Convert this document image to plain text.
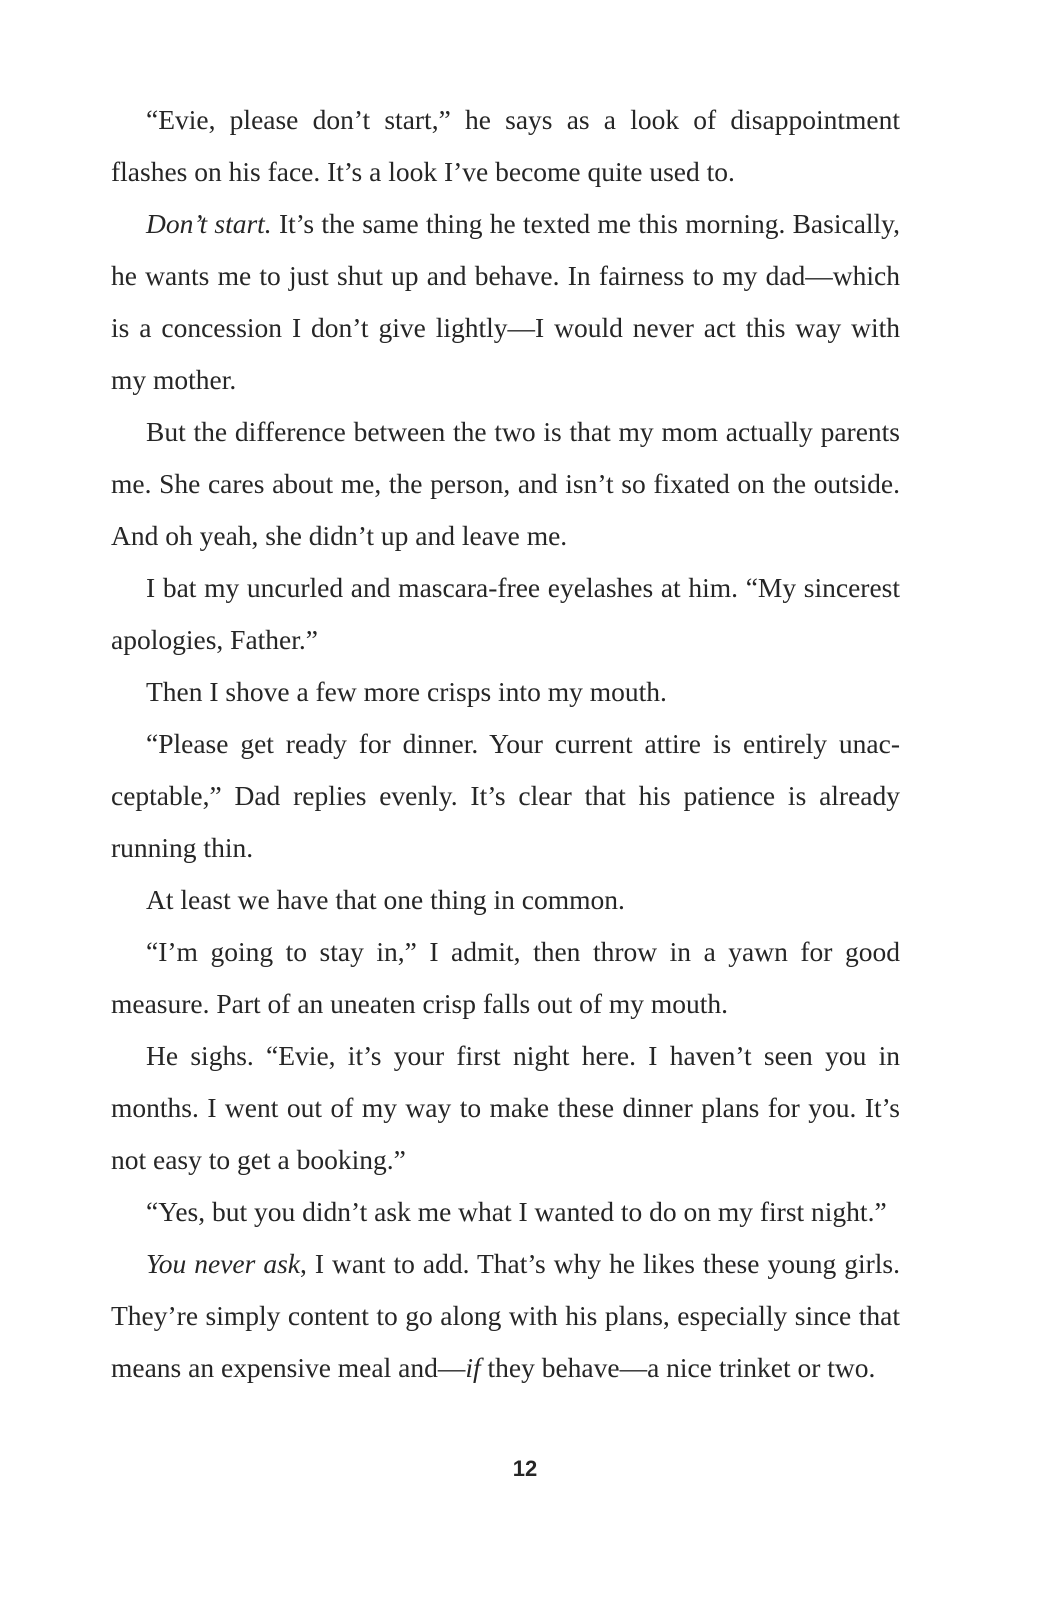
“Evie, please don’t start,” he says as a look of disappointment flashes on his face. It’s a look I’ve become quite used to.

Don’t start. It’s the same thing he texted me this morning. Basically, he wants me to just shut up and behave. In fairness to my dad—which is a concession I don’t give lightly—I would never act this way with my mother.

But the difference between the two is that my mom actually parents me. She cares about me, the person, and isn’t so fixated on the outside. And oh yeah, she didn’t up and leave me.

I bat my uncurled and mascara-free eyelashes at him. “My sincerest apologies, Father.”

Then I shove a few more crisps into my mouth.

“Please get ready for dinner. Your current attire is entirely unacceptable,” Dad replies evenly. It’s clear that his patience is already running thin.

At least we have that one thing in common.

“I’m going to stay in,” I admit, then throw in a yawn for good measure. Part of an uneaten crisp falls out of my mouth.

He sighs. “Evie, it’s your first night here. I haven’t seen you in months. I went out of my way to make these dinner plans for you. It’s not easy to get a booking.”

“Yes, but you didn’t ask me what I wanted to do on my first night.”

You never ask, I want to add. That’s why he likes these young girls. They’re simply content to go along with his plans, especially since that means an expensive meal and—if they behave—a nice trinket or two.

12
